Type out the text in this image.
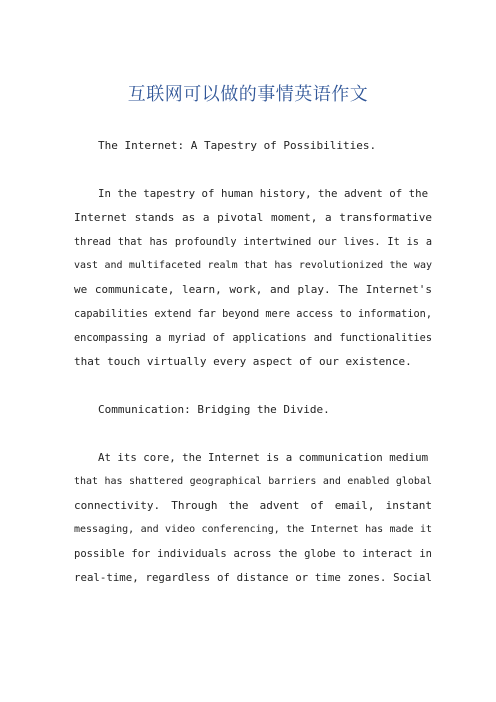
互联网可以做的事情英语作文
The Internet: A Tapestry of Possibilities.
In the tapestry of human history, the advent of the
Internet stands as a pivotal moment, a transformative
thread that has profoundly intertwined our lives. It is a
vast and multifaceted realm that has revolutionized the way
we communicate, learn, work, and play. The Internet's
capabilities extend far beyond mere access to information,
encompassing a myriad of applications and functionalities
that touch virtually every aspect of our existence.
Communication: Bridging the Divide.
At its core, the Internet is a communication medium
that has shattered geographical barriers and enabled global
connectivity. Through the advent of email, instant
messaging, and video conferencing, the Internet has made it
possible for individuals across the globe to interact in
real-time, regardless of distance or time zones. Social
